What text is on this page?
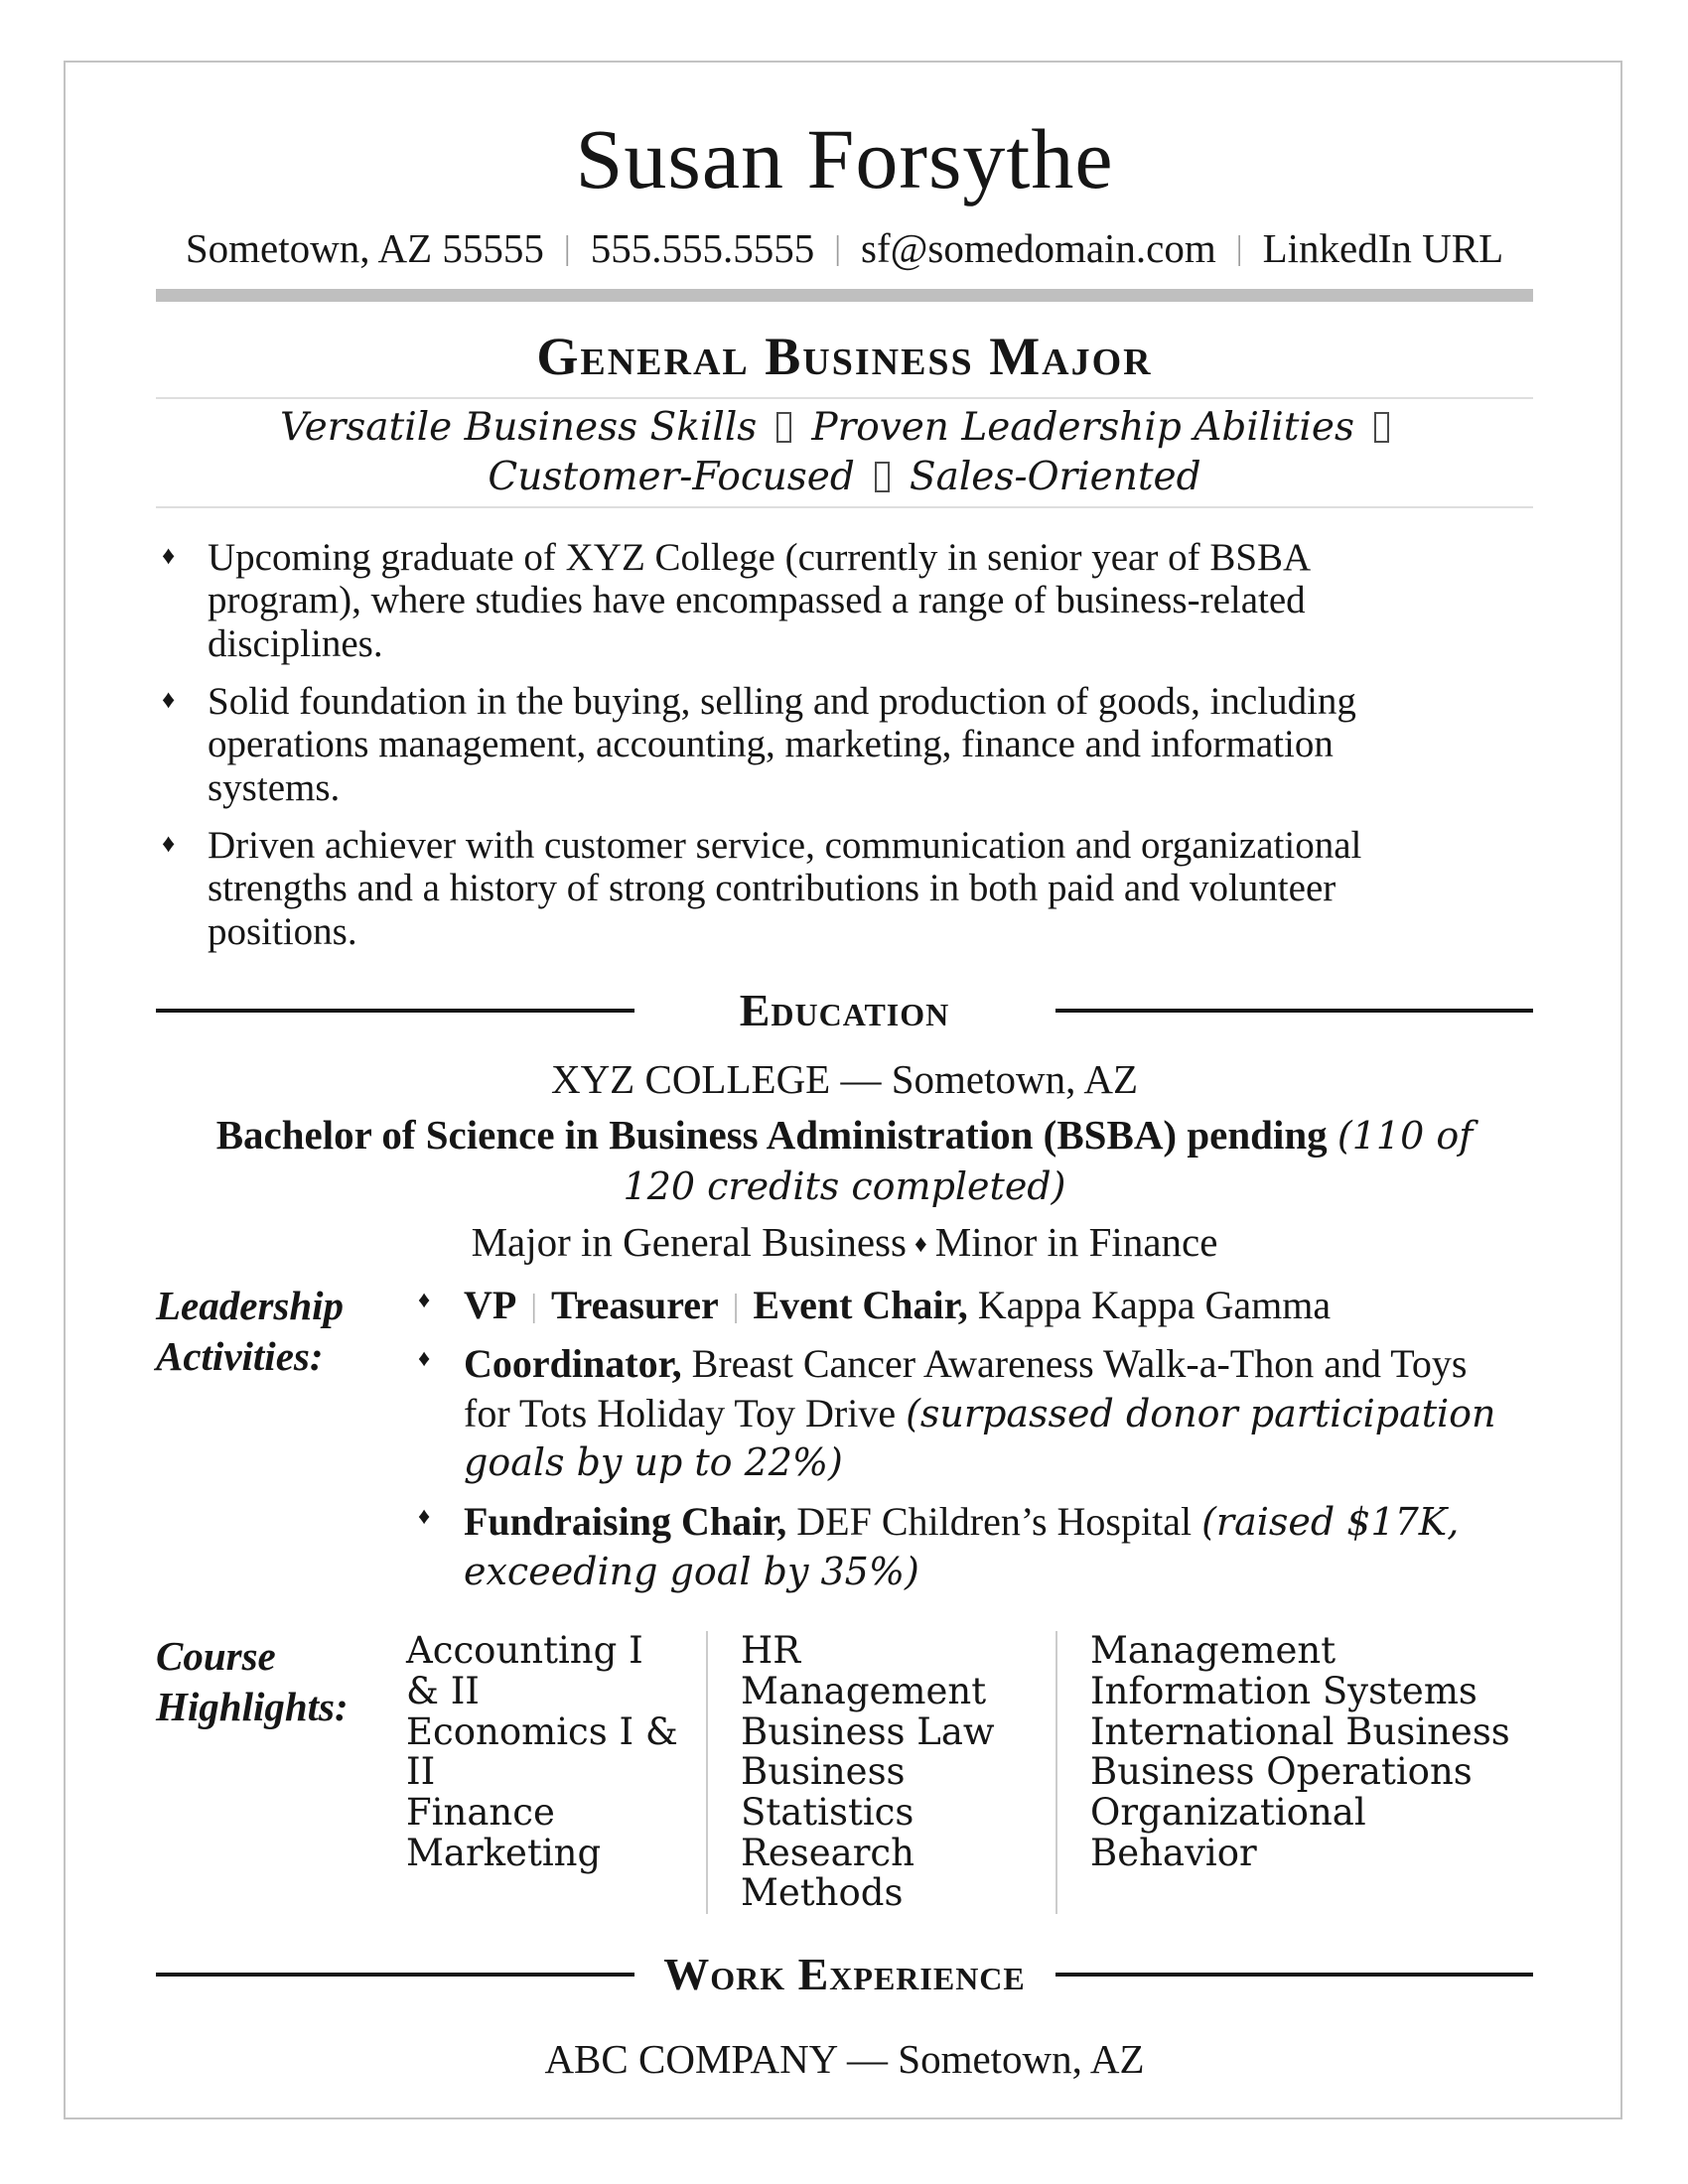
Susan Forsythe
Sometown, AZ 55555 | 555.555.5555 | sf@somedomain.com | LinkedIn URL
General Business Major
Versatile Business Skills Proven Leadership AbilitiesCustomer-Focused Sales-Oriented
♦ Upcoming graduate of XYZ College (currently in senior year of BSBA program), where studies have encompassed a range of business-related disciplines.
♦ Solid foundation in the buying, selling and production of goods, including operations management, accounting, marketing, finance and information systems.
♦ Driven achiever with customer service, communication and organizational strengths and a history of strong contributions in both paid and volunteer positions.
Education
XYZ COLLEGE — Sometown, AZ
Bachelor of Science in Business Administration (BSBA) pending (110 of 120 credits completed)
Major in General Business ♦ Minor in Finance
Leadership Activities:
♦ VP | Treasurer | Event Chair, Kappa Kappa Gamma
♦ Coordinator, Breast Cancer Awareness Walk-a-Thon and Toys for Tots Holiday Toy Drive (surpassed donor participation goals by up to 22%)
♦ Fundraising Chair, DEF Children’s Hospital (raised $17K, exceeding goal by 35%)
Course Highlights:
Accounting I & II
Economics I & II
Finance
Marketing
HR Management
Business Law
Business Statistics
Research Methods
Management Information Systems
International Business
Business Operations
Organizational Behavior
Work Experience
ABC COMPANY — Sometown, AZ
